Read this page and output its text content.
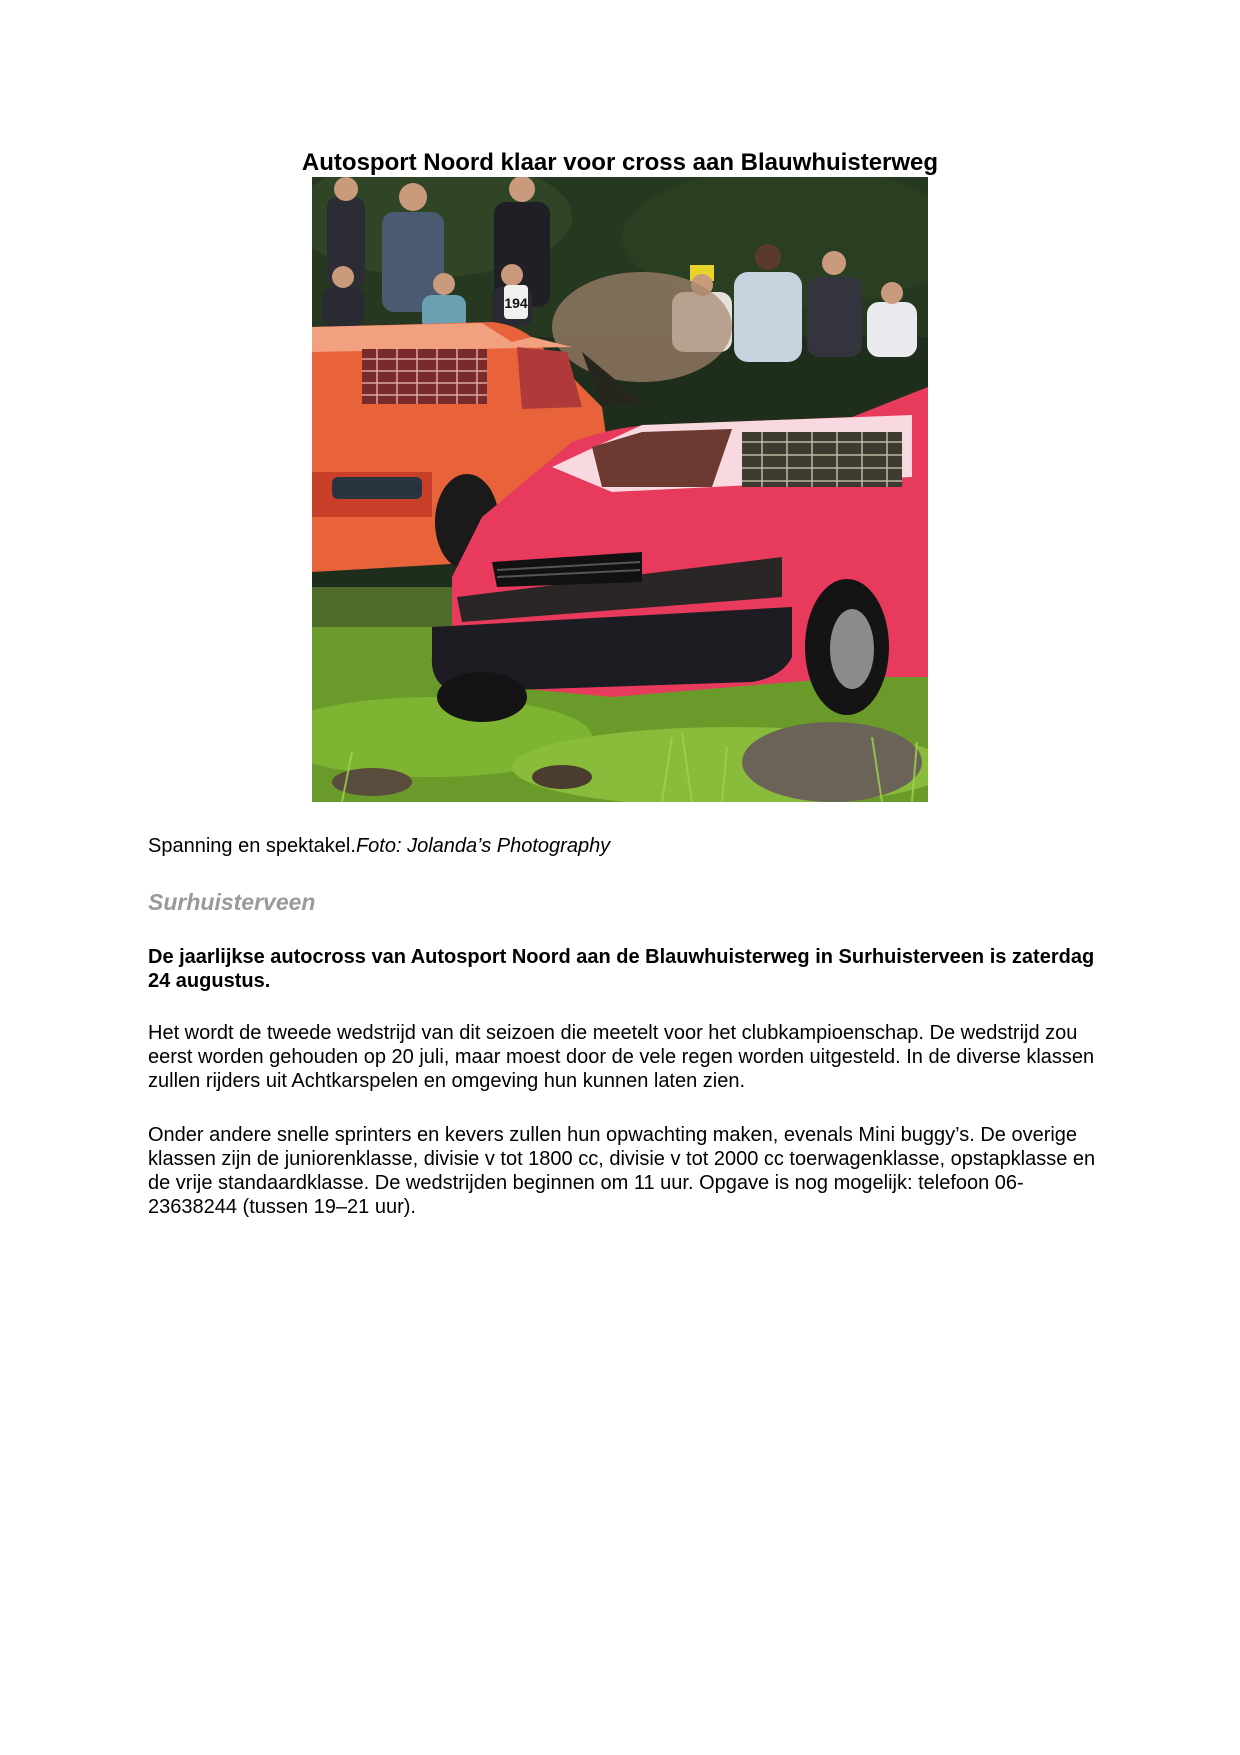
Autosport Noord klaar voor cross aan Blauwhuisterweg
194

Spanning en spektakel.Foto: Jolanda’s Photography

Surhuisterveen

De jaarlijkse autocross van Autosport Noord aan de Blauwhuisterweg in Surhuisterveen is zaterdag 24 augustus.

Het wordt de tweede wedstrijd van dit seizoen die meetelt voor het clubkampioenschap. De wedstrijd zou eerst worden gehouden op 20 juli, maar moest door de vele regen worden uitgesteld. In de diverse klassen zullen rijders uit Achtkarspelen en omgeving hun kunnen laten zien.

Onder andere snelle sprinters en kevers zullen hun opwachting maken, evenals Mini buggy’s. De overige klassen zijn de juniorenklasse, divisie v tot 1800 cc, divisie v tot 2000 cc toerwagenklasse, opstapklasse en de vrije standaardklasse. De wedstrijden beginnen om 11 uur. Opgave is nog mogelijk: telefoon 06-23638244 (tussen 19–21 uur).
